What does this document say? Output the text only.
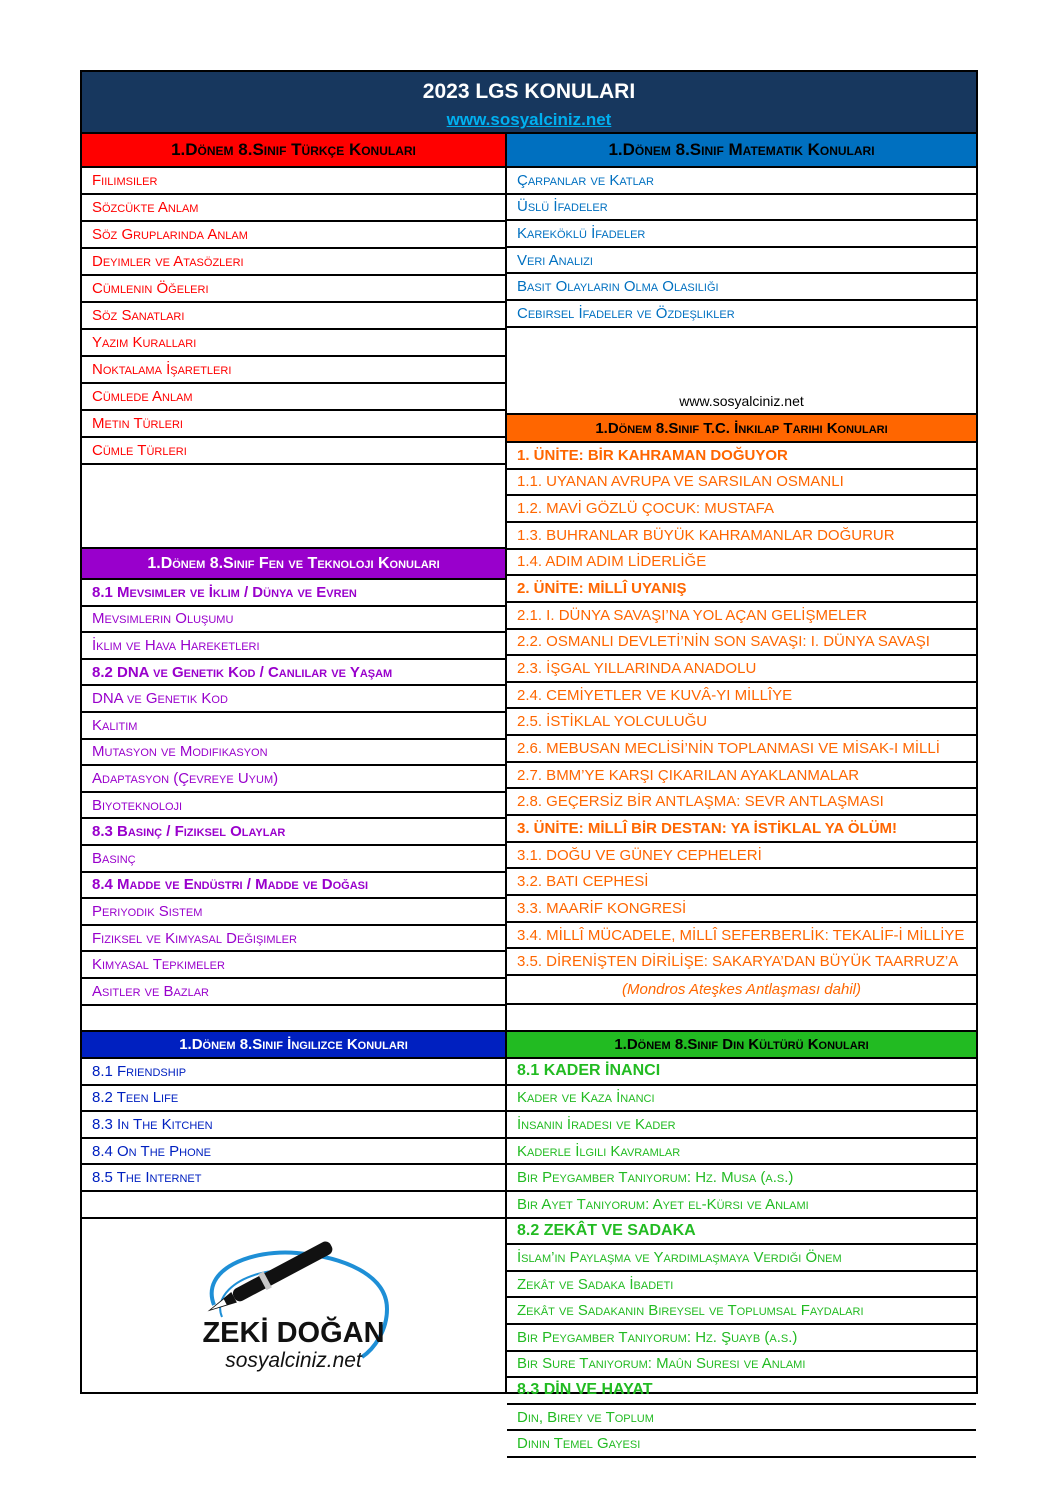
2023 LGS KONULARI
www.sosyalciniz.net
1.Dönem 8.Sınıf Türkçe Konuları
Fiilimsiler
Sözcükte Anlam
Söz Gruplarında Anlam
Deyimler ve Atasözleri
Cümlenin Öğeleri
Söz Sanatları
Yazım Kuralları
Noktalama İşaretleri
Cümlede Anlam
Metin Türleri
Cümle Türleri
1.Dönem 8.Sınıf Fen ve Teknoloji Konuları
8.1 Mevsimler ve İklim / Dünya ve Evren
Mevsimlerin Oluşumu
İklim ve Hava Hareketleri
8.2 DNA ve Genetik Kod / Canlılar ve Yaşam
DNA ve Genetik Kod
Kalıtım
Mutasyon ve Modifikasyon
Adaptasyon (Çevreye Uyum)
Biyoteknoloji
8.3 Basınç / Fiziksel Olaylar
Basınç
8.4 Madde ve Endüstri / Madde ve Doğası
Periyodik Sistem
Fiziksel ve Kimyasal Değişimler
Kimyasal Tepkimeler
Asitler ve Bazlar
1.Dönem 8.Sınıf İngilizce Konuları
8.1 Friendship
8.2 Teen Life
8.3 In The Kitchen
8.4 On The Phone
8.5 The Internet
ZEKİ DOĞAN
sosyalciniz.net
1.Dönem 8.Sınıf Matematik Konuları
Çarpanlar ve Katlar
Üslü İfadeler
Kareköklü İfadeler
Veri Analizi
Basit Olayların Olma Olasılığı
Cebirsel İfadeler ve Özdeşlikler
www.sosyalciniz.net
1.Dönem 8.Sınıf T.C. İnkılap Tarihi Konuları
1. ÜNİTE: BİR KAHRAMAN DOĞUYOR
1.1. UYANAN AVRUPA VE SARSILAN OSMANLI
1.2. MAVİ GÖZLÜ ÇOCUK: MUSTAFA
1.3. BUHRANLAR BÜYÜK KAHRAMANLAR DOĞURUR
1.4. ADIM ADIM LİDERLİĞE
2. ÜNİTE: MİLLÎ UYANIŞ
2.1. I. DÜNYA SAVAŞI’NA YOL AÇAN GELİŞMELER
2.2. OSMANLI DEVLETİ’NİN SON SAVAŞI: I. DÜNYA SAVAŞI
2.3. İŞGAL YILLARINDA ANADOLU
2.4. CEMİYETLER VE KUVÂ-YI MİLLÎYE
2.5. İSTİKLAL YOLCULUĞU
2.6. MEBUSAN MECLİSİ’NİN TOPLANMASI VE MİSAK-I MİLLİ
2.7. BMM’YE KARŞI ÇIKARILAN AYAKLANMALAR
2.8. GEÇERSİZ BİR ANTLAŞMA: SEVR ANTLAŞMASI
3. ÜNİTE: MİLLÎ BİR DESTAN: YA İSTİKLAL YA ÖLÜM!
3.1. DOĞU VE GÜNEY CEPHELERİ
3.2. BATI CEPHESİ
3.3. MAARİF KONGRESİ
3.4. MİLLÎ MÜCADELE, MİLLÎ SEFERBERLİK: TEKALİF-İ MİLLİYE
3.5. DİRENİŞTEN DİRİLİŞE: SAKARYA’DAN BÜYÜK TAARRUZ’A
(Mondros Ateşkes Antlaşması dahil)
1.Dönem 8.Sınıf Din Kültürü Konuları
8.1 KADER İNANCI
Kader ve Kaza İnancı
İnsanın İradesi ve Kader
Kaderle İlgili Kavramlar
Bir Peygamber Tanıyorum: Hz. Musa (a.s.)
Bir Ayet Tanıyorum: Ayet el-Kürsi ve Anlamı
8.2 ZEKÂT VE SADAKA
İslam’ın Paylaşma ve Yardımlaşmaya Verdiği Önem
Zekât ve Sadaka İbadeti
Zekât ve Sadakanın Bireysel ve Toplumsal Faydaları
Bir Peygamber Tanıyorum: Hz. Şuayb (a.s.)
Bir Sure Tanıyorum: Maûn Suresi ve Anlamı
8.3 DİN VE HAYAT
Din, Birey ve Toplum
Dinin Temel Gayesi
